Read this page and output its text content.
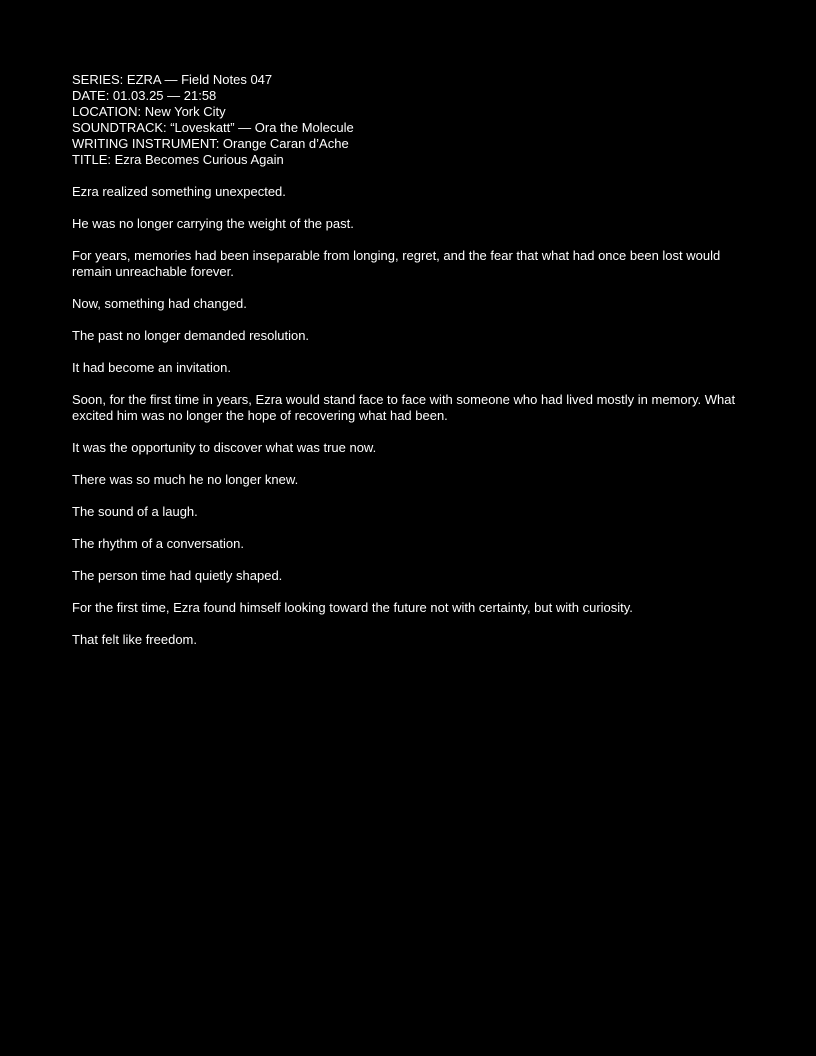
SERIES: EZRA — Field Notes 047

DATE: 01.03.25 — 21:58

LOCATION: New York City

SOUNDTRACK: “Loveskatt” — Ora the Molecule

WRITING INSTRUMENT: Orange Caran d’Ache

TITLE: Ezra Becomes Curious Again

Ezra realized something unexpected.

He was no longer carrying the weight of the past.

For years, memories had been inseparable from longing, regret, and the fear that what had once been lost would remain unreachable forever.

Now, something had changed.

The past no longer demanded resolution.

It had become an invitation.

Soon, for the first time in years, Ezra would stand face to face with someone who had lived mostly in memory. What excited him was no longer the hope of recovering what had been.

It was the opportunity to discover what was true now.

There was so much he no longer knew.

The sound of a laugh.

The rhythm of a conversation.

The person time had quietly shaped.

For the first time, Ezra found himself looking toward the future not with certainty, but with curiosity.

That felt like freedom.
